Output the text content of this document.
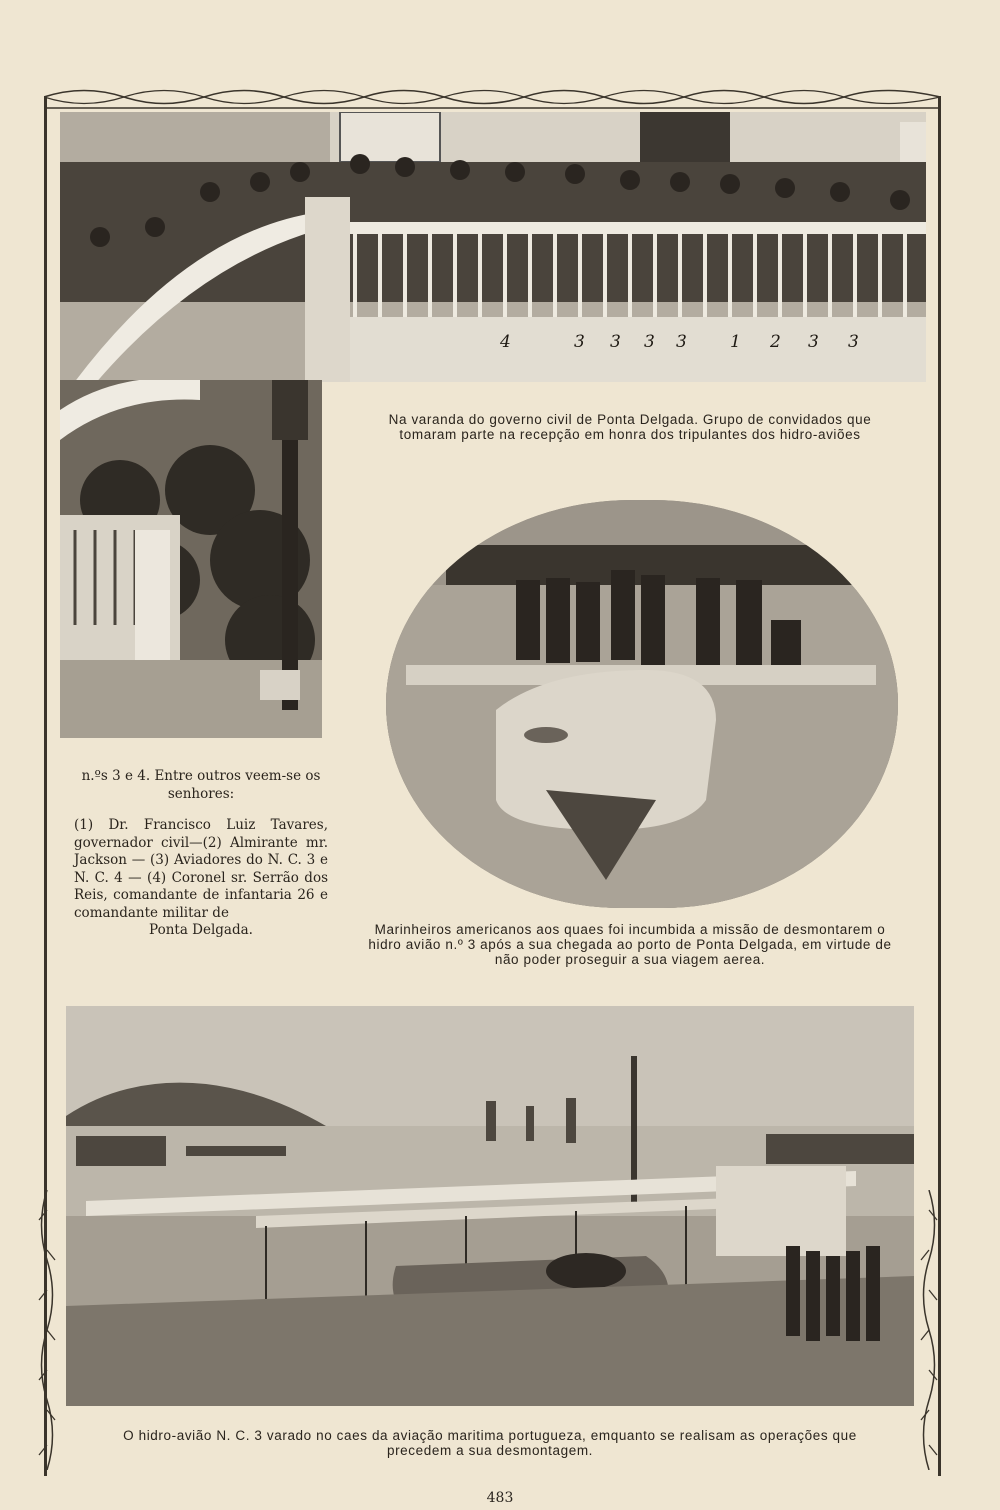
4	3 3 3 3	1 2 3 3
Na varanda do governo civil de Ponta Delgada. Grupo de convidados que tomaram parte na recepção em honra dos tripulantes dos hidro-aviões
Marinheiros americanos aos quaes foi incumbida a missão de desmontarem o hidro avião n.º 3 após a sua chegada ao porto de Ponta Delgada, em virtude de não poder proseguir a sua viagem aerea.

n.ºs 3 e 4. Entre outros veem-se os senhores:

(1) Dr. Francisco Luiz Tavares, governador civil—(2) Almirante mr. Jackson — (3) Aviadores do N. C. 3 e N. C. 4 — (4) Coronel sr. Serrão dos Reis, comandante de infantaria 26 e comandante militar de
Ponta Delgada.

O hidro-avião N. C. 3 varado no caes da aviação maritima portugueza, emquanto se realisam as operações que precedem a sua desmontagem.
483
